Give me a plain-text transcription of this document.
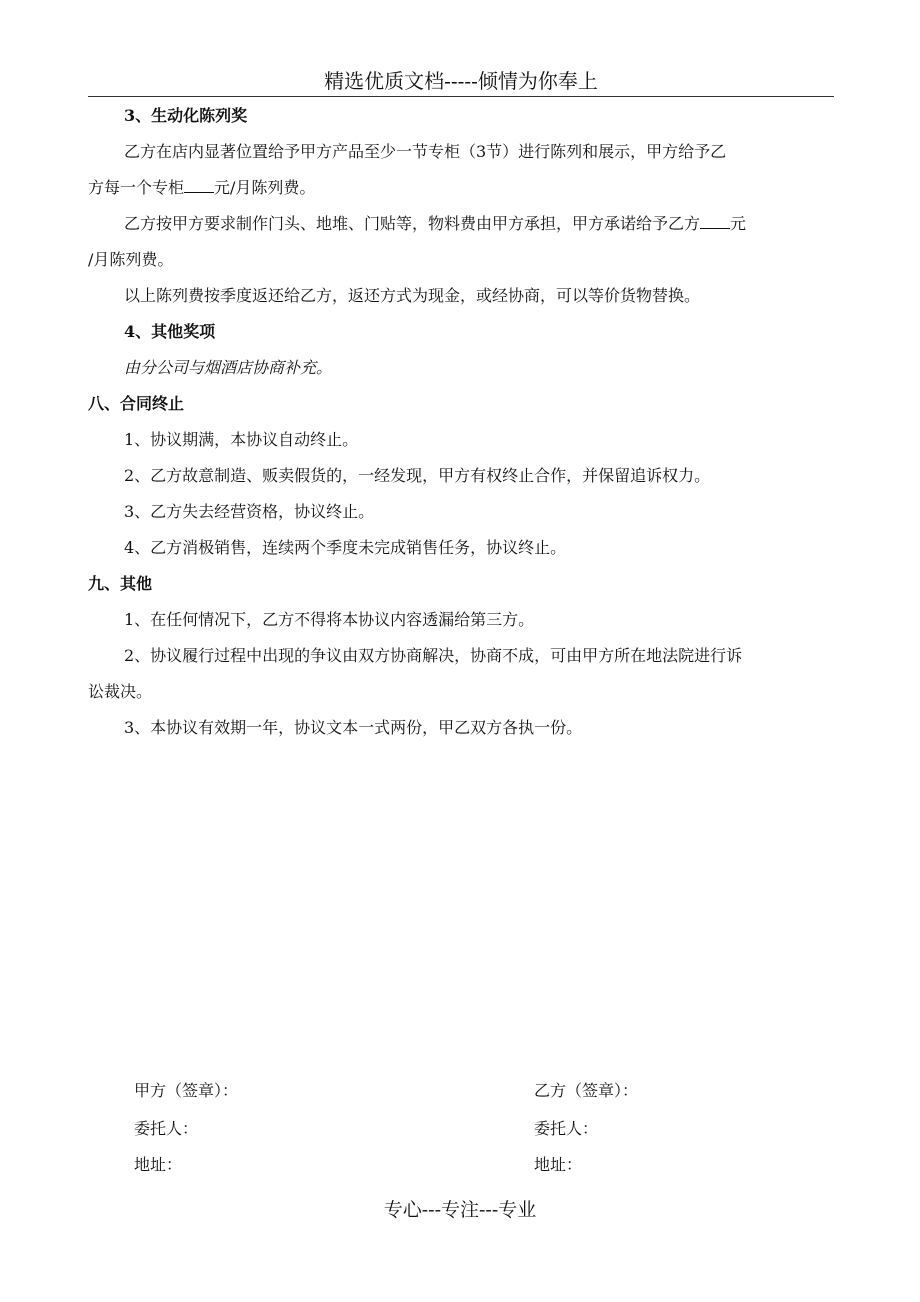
精选优质文档-----倾情为你奉上
3、生动化陈列奖
乙方在店内显著位置给予甲方产品至少一节专柜（3节）进行陈列和展示，甲方给予乙
方每一个专柜 元/月陈列费。
乙方按甲方要求制作门头、地堆、门贴等，物料费由甲方承担，甲方承诺给予乙方 元
/月陈列费。
以上陈列费按季度返还给乙方，返还方式为现金，或经协商，可以等价货物替换。
4、其他奖项
由分公司与烟酒店协商补充。
八、合同终止
1、协议期满，本协议自动终止。
2、乙方故意制造、贩卖假货的，一经发现，甲方有权终止合作，并保留追诉权力。
3、乙方失去经营资格，协议终止。
4、乙方消极销售，连续两个季度未完成销售任务，协议终止。
九、其他
1、在任何情况下，乙方不得将本协议内容透漏给第三方。
2、协议履行过程中出现的争议由双方协商解决，协商不成，可由甲方所在地法院进行诉
讼裁决。
3、本协议有效期一年，协议文本一式两份，甲乙双方各执一份。
甲方（签章）：	乙方（签章）：
委托人：	委托人：
地址：	地址：
专心---专注---专业
